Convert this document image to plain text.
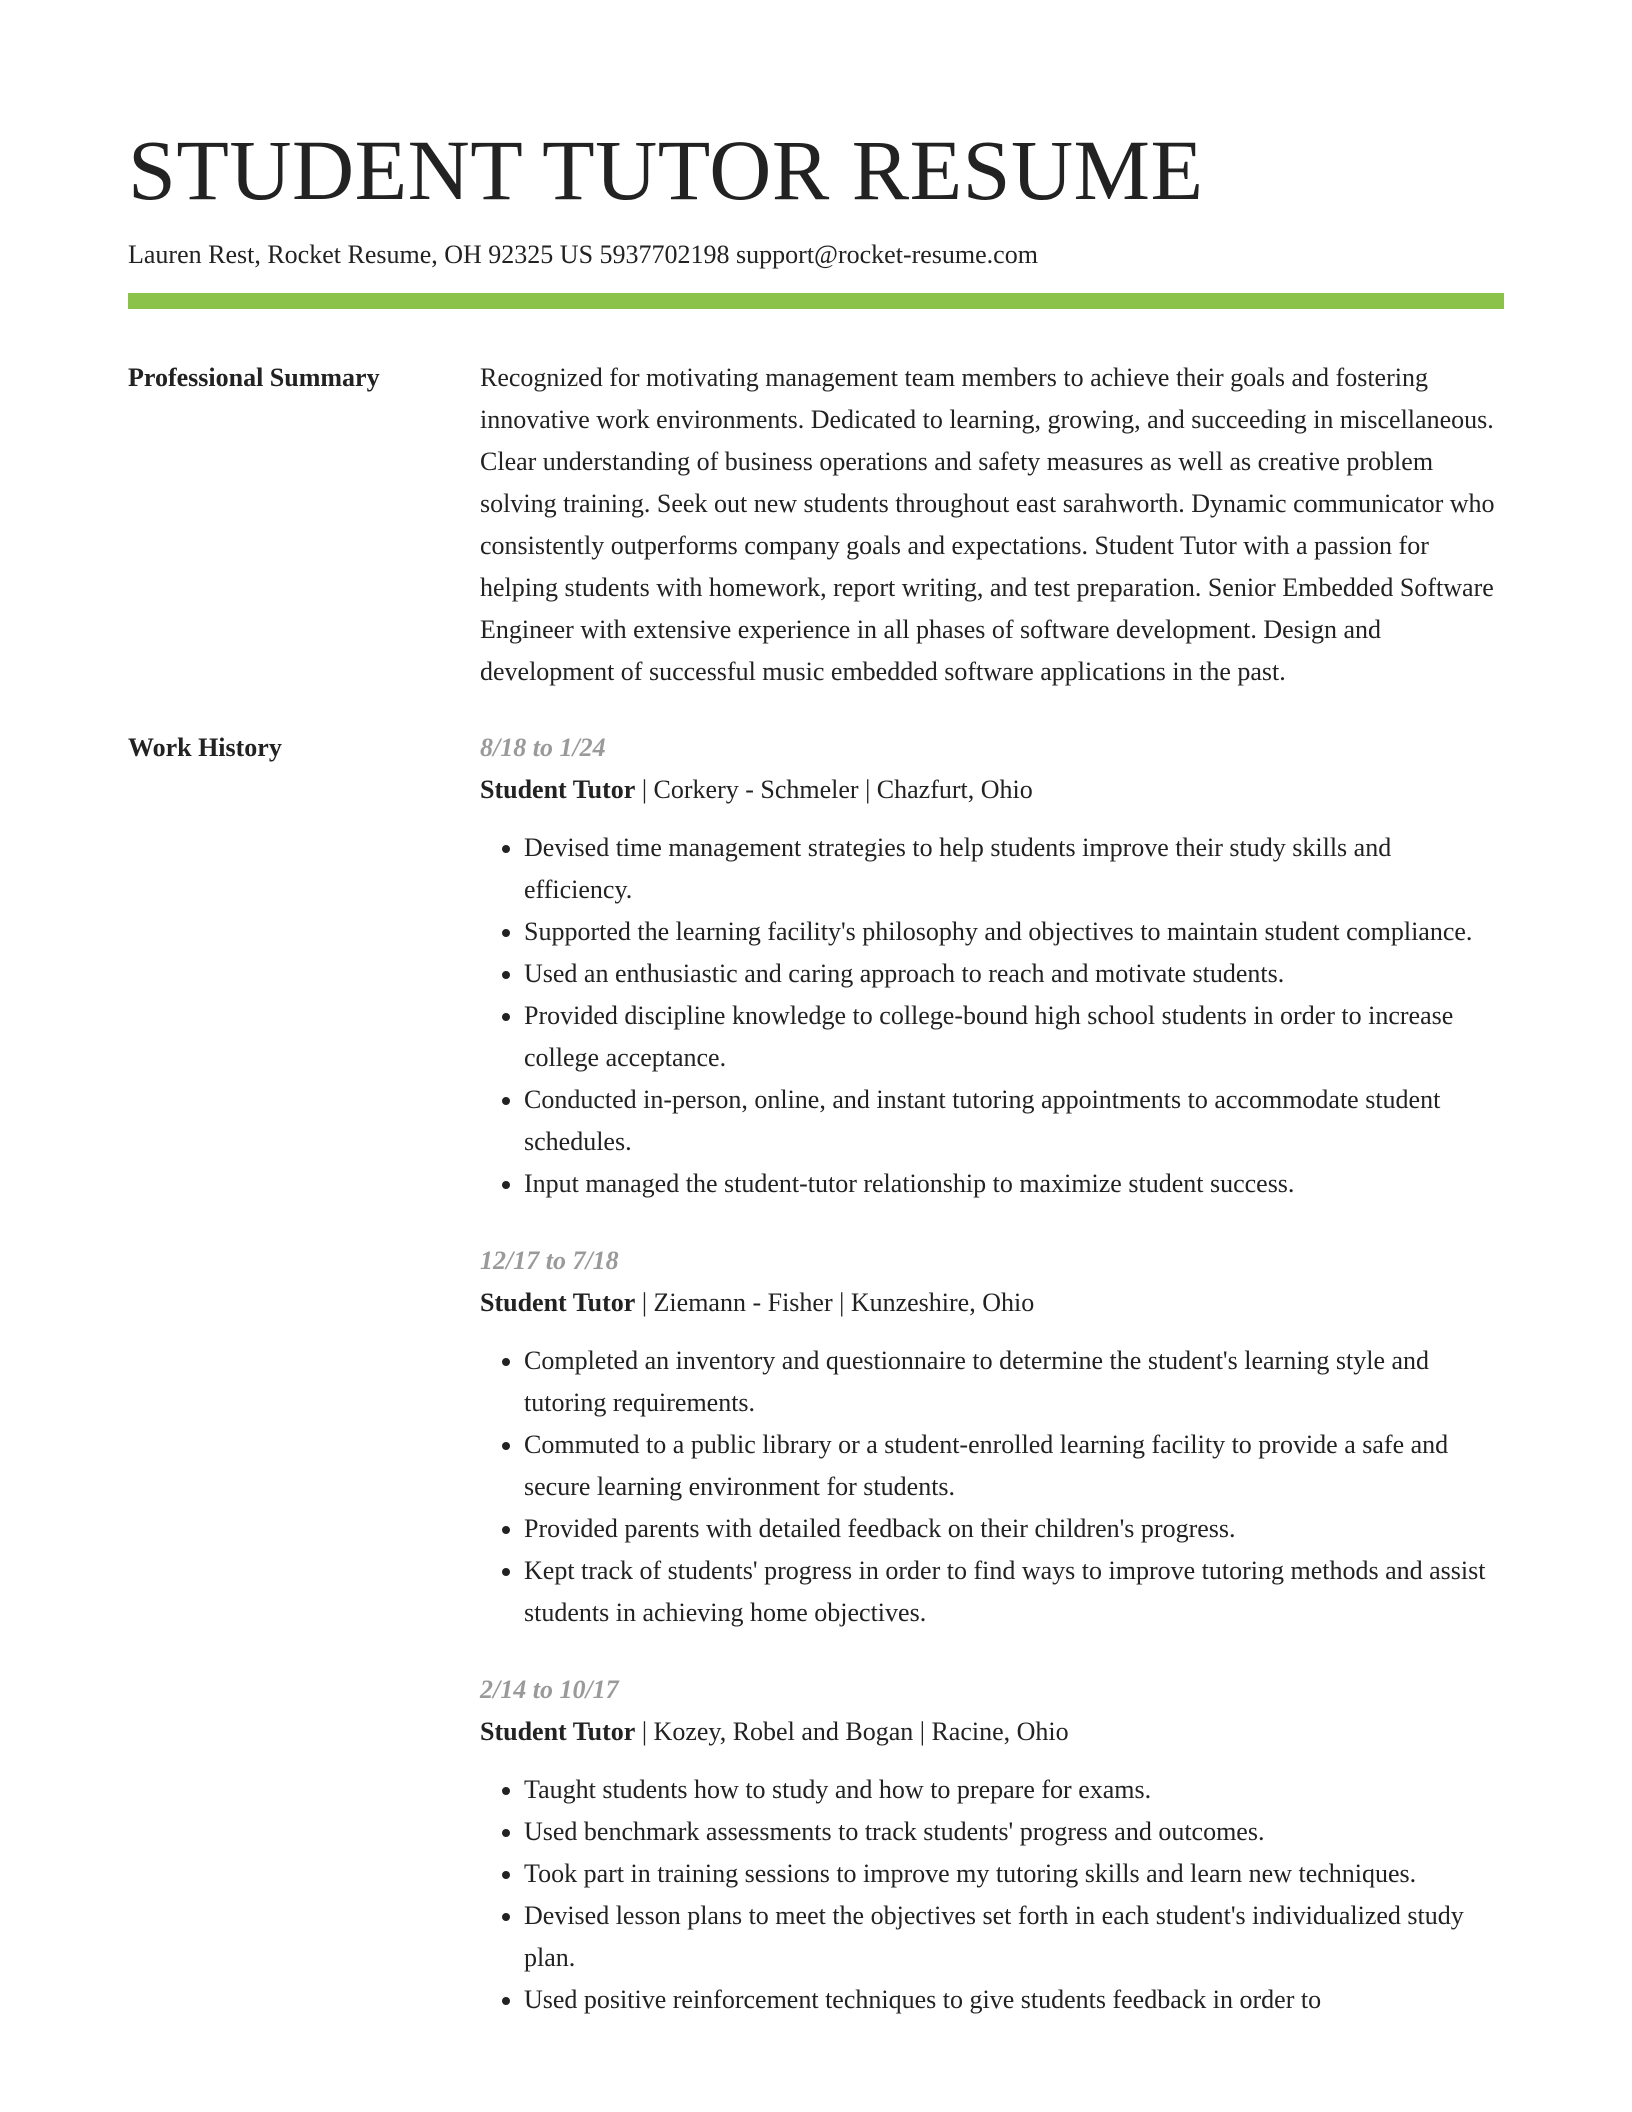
STUDENT TUTOR RESUME
Lauren Rest, Rocket Resume, OH 92325 US 5937702198 support@rocket-resume.com
Professional Summary	Recognized for motivating management team members to achieve their goals and fostering innovative work environments. Dedicated to learning, growing, and succeeding in miscellaneous. Clear understanding of business operations and safety measures as well as creative problem solving training. Seek out new students throughout east sarahworth. Dynamic communicator who consistently outperforms company goals and expectations. Student Tutor with a passion for helping students with homework, report writing, and test preparation. Senior Embedded Software Engineer with extensive experience in all phases of software development. Design and development of successful music embedded software applications in the past.

Work History	8/18 to 1/24
Student Tutor | Corkery - Schmeler | Chazfurt, Ohio
• Devised time management strategies to help students improve their study skills and efficiency.
• Supported the learning facility's philosophy and objectives to maintain student compliance.
• Used an enthusiastic and caring approach to reach and motivate students.
• Provided discipline knowledge to college-bound high school students in order to increase college acceptance.
• Conducted in-person, online, and instant tutoring appointments to accommodate student schedules.
• Input managed the student-tutor relationship to maximize student success.
12/17 to 7/18
Student Tutor | Ziemann - Fisher | Kunzeshire, Ohio
• Completed an inventory and questionnaire to determine the student's learning style and tutoring requirements.
• Commuted to a public library or a student-enrolled learning facility to provide a safe and secure learning environment for students.
• Provided parents with detailed feedback on their children's progress.
• Kept track of students' progress in order to find ways to improve tutoring methods and assist students in achieving home objectives.
2/14 to 10/17
Student Tutor | Kozey, Robel and Bogan | Racine, Ohio
• Taught students how to study and how to prepare for exams.
• Used benchmark assessments to track students' progress and outcomes.
• Took part in training sessions to improve my tutoring skills and learn new techniques.
• Devised lesson plans to meet the objectives set forth in each student's individualized study plan.
• Used positive reinforcement techniques to give students feedback in order to
